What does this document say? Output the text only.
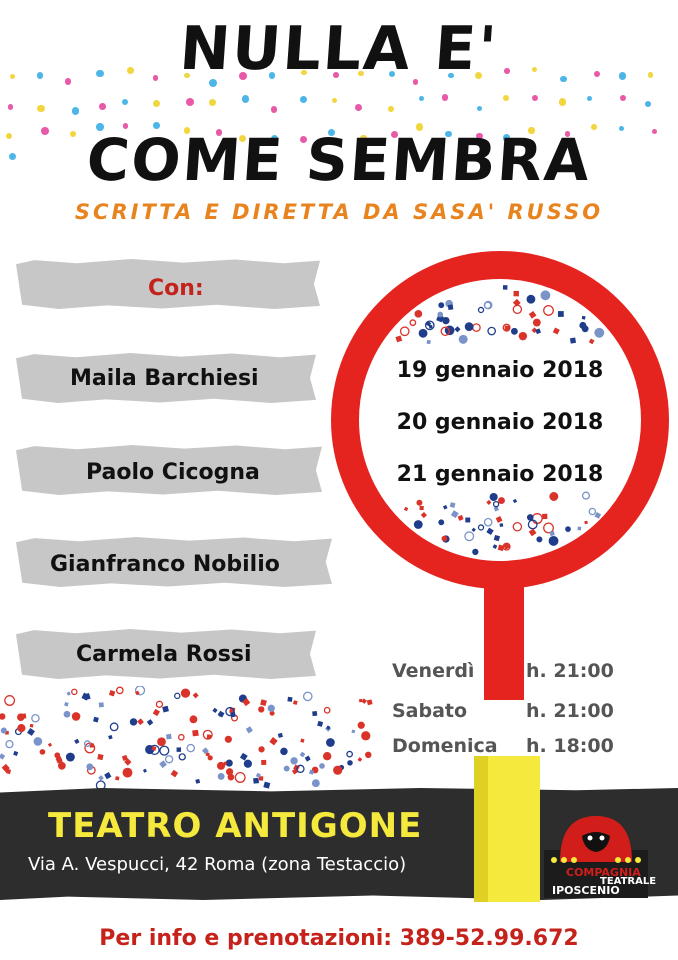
NULLA E'
COME SEMBRA
SCRITTA E DIRETTA DA SASA' RUSSO
Con:
Maila Barchiesi
Paolo Cicogna
Gianfranco Nobilio
Carmela Rossi
19 gennaio 2018
20 gennaio 2018
21 gennaio 2018
Venerdì	h. 21:00
Sabato	h. 21:00
Domenica h. 18:00
TEATRO ANTIGONE
Via A. Vespucci, 42 Roma (zona Testaccio)	COMPAGNIA
TEATRALE
IPOSCENIO
Per info e prenotazioni: 389-52.99.672
